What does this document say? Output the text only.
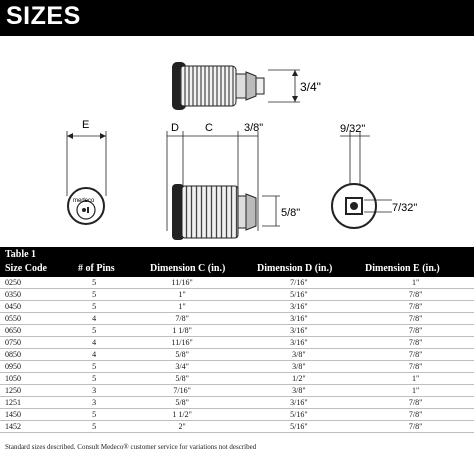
SIZES
3/4"
E
medeco
D C	3/8"
5/8"
9/32"
7/32"
Table 1
Size Code	# of Pins	Dimension C (in.)	Dimension D (in.)	Dimension E (in.)
0250	5	11/16"	7/16"	1"
0350	5	1"	5/16"	7/8"
0450	5	1"	3/16"	7/8"
0550	4	7/8"	3/16"	7/8"
0650	5	1 1/8"	3/16"	7/8"
0750	4	11/16"	3/16"	7/8"
0850	4	5/8"	3/8"	7/8"
0950	5	3/4"	3/8"	7/8"
1050	5	5/8"	1/2"	1"
1250	3	7/16"	3/8"	1"
1251	3	5/8"	3/16"	7/8"
1450	5	1 1/2"	5/16"	7/8"
1452	5	2"	5/16"	7/8"
Standard sizes described. Consult Medeco® customer service for variations not described
